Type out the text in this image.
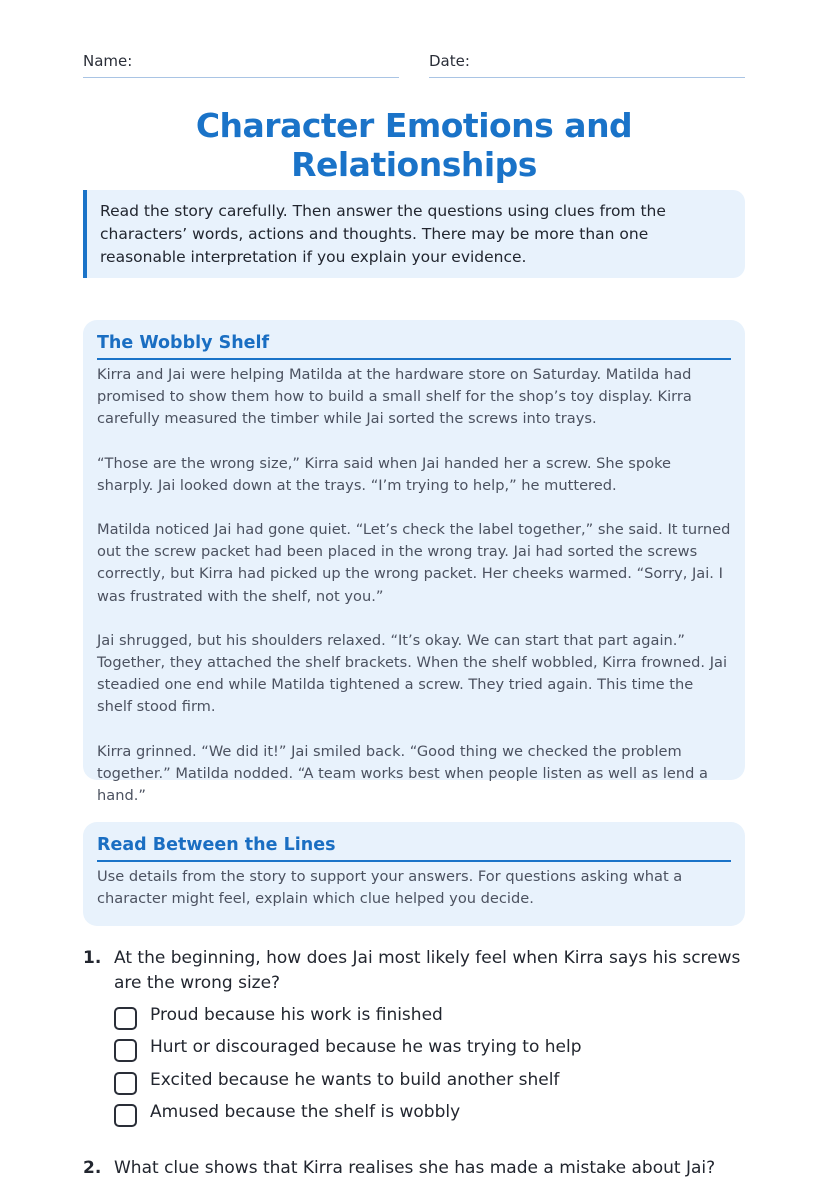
Name:	Date:
Character Emotions and Relationships
Read the story carefully. Then answer the questions using clues from the characters’ words, actions and thoughts. There may be more than one reasonable interpretation if you explain your evidence.
The Wobbly Shelf

Kirra and Jai were helping Matilda at the hardware store on Saturday. Matilda had promised to show them how to build a small shelf for the shop’s toy display. Kirra carefully measured the timber while Jai sorted the screws into trays.

“Those are the wrong size,” Kirra said when Jai handed her a screw. She spoke sharply. Jai looked down at the trays. “I’m trying to help,” he muttered.

Matilda noticed Jai had gone quiet. “Let’s check the label together,” she said. It turned out the screw packet had been placed in the wrong tray. Jai had sorted the screws correctly, but Kirra had picked up the wrong packet. Her cheeks warmed. “Sorry, Jai. I was frustrated with the shelf, not you.”

Jai shrugged, but his shoulders relaxed. “It’s okay. We can start that part again.” Together, they attached the shelf brackets. When the shelf wobbled, Kirra frowned. Jai steadied one end while Matilda tightened a screw. They tried again. This time the shelf stood firm.

Kirra grinned. “We did it!” Jai smiled back. “Good thing we checked the problem together.” Matilda nodded. “A team works best when people listen as well as lend a hand.”

Read Between the Lines

Use details from the story to support your answers. For questions asking what a character might feel, explain which clue helped you decide.

1. At the beginning, how does Jai most likely feel when Kirra says his screws are the wrong size?
Proud because his work is finished
Hurt or discouraged because he was trying to help
Excited because he wants to build another shelf
Amused because the shelf is wobbly
2. What clue shows that Kirra realises she has made a mistake about Jai?
